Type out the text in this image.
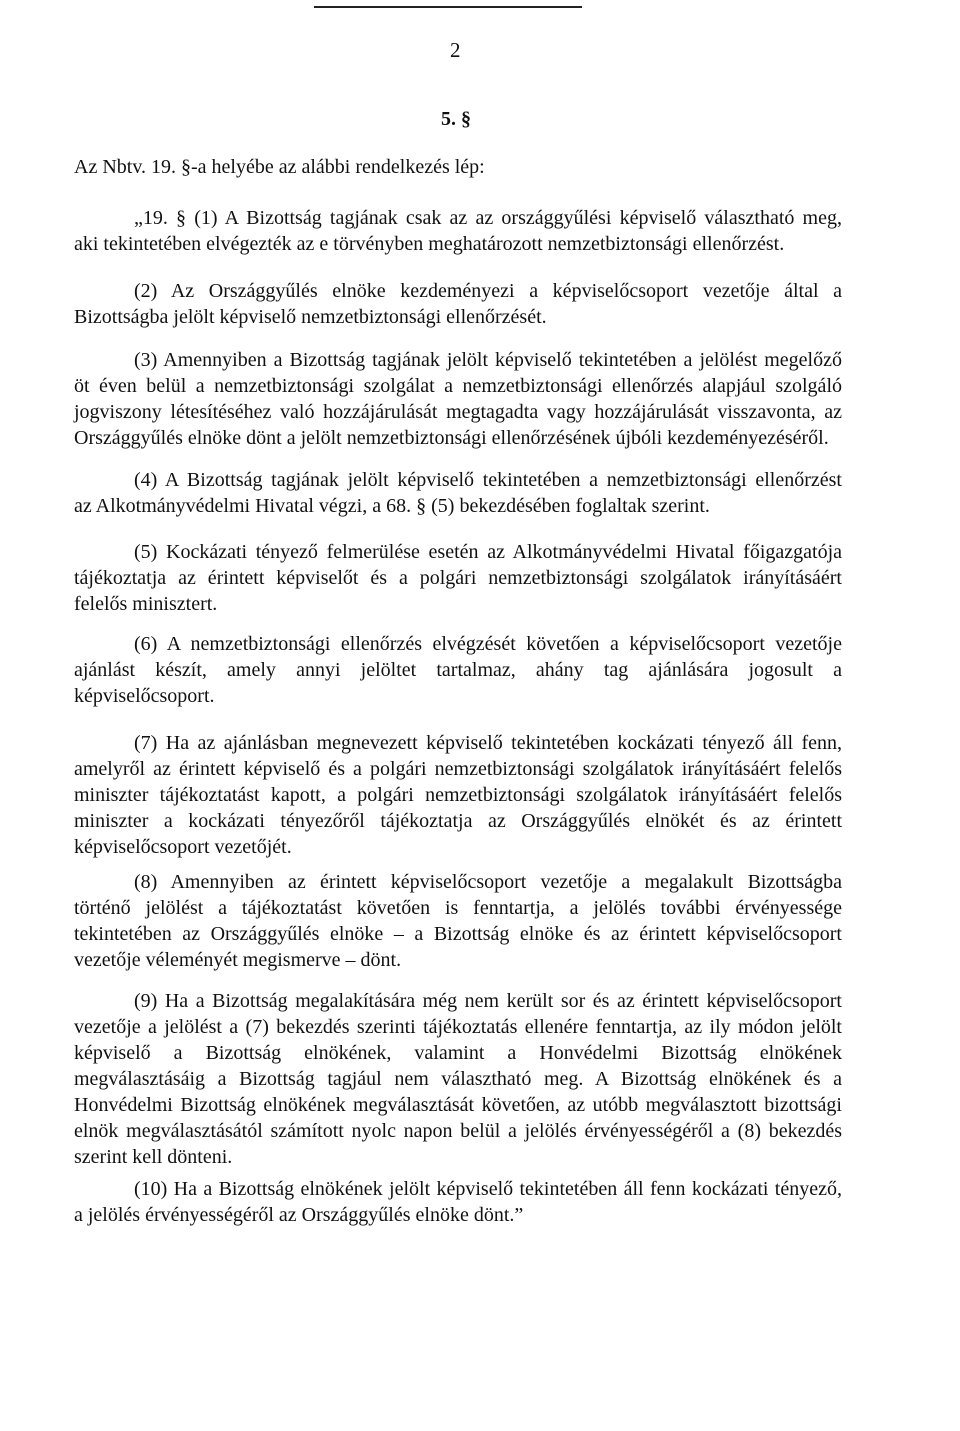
2
5. §
Az Nbtv. 19. §-a helyébe az alábbi rendelkezés lép:
„19. § (1) A Bizottság tagjának csak az az országgyűlési képviselő választható meg,
aki tekintetében elvégezték az e törvényben meghatározott nemzetbiztonsági ellenőrzést.
(2) Az Országgyűlés elnöke kezdeményezi a képviselőcsoport vezetője által a
Bizottságba jelölt képviselő nemzetbiztonsági ellenőrzését.
(3) Amennyiben a Bizottság tagjának jelölt képviselő tekintetében a jelölést megelőző
öt éven belül a nemzetbiztonsági szolgálat a nemzetbiztonsági ellenőrzés alapjául szolgáló
jogviszony létesítéséhez való hozzájárulását megtagadta vagy hozzájárulását visszavonta, az
Országgyűlés elnöke dönt a jelölt nemzetbiztonsági ellenőrzésének újbóli kezdeményezéséről.
(4) A Bizottság tagjának jelölt képviselő tekintetében a nemzetbiztonsági ellenőrzést
az Alkotmányvédelmi Hivatal végzi, a 68. § (5) bekezdésében foglaltak szerint.
(5) Kockázati tényező felmerülése esetén az Alkotmányvédelmi Hivatal főigazgatója
tájékoztatja az érintett képviselőt és a polgári nemzetbiztonsági szolgálatok irányításáért
felelős minisztert.
(6) A nemzetbiztonsági ellenőrzés elvégzését követően a képviselőcsoport vezetője
ajánlást készít, amely annyi jelöltet tartalmaz, ahány tag ajánlására jogosult a
képviselőcsoport.
(7) Ha az ajánlásban megnevezett képviselő tekintetében kockázati tényező áll fenn,
amelyről az érintett képviselő és a polgári nemzetbiztonsági szolgálatok irányításáért felelős
miniszter tájékoztatást kapott, a polgári nemzetbiztonsági szolgálatok irányításáért felelős
miniszter a kockázati tényezőről tájékoztatja az Országgyűlés elnökét és az érintett
képviselőcsoport vezetőjét.
(8) Amennyiben az érintett képviselőcsoport vezetője a megalakult Bizottságba
történő jelölést a tájékoztatást követően is fenntartja, a jelölés további érvényessége
tekintetében az Országgyűlés elnöke – a Bizottság elnöke és az érintett képviselőcsoport
vezetője véleményét megismerve – dönt.
(9) Ha a Bizottság megalakítására még nem került sor és az érintett képviselőcsoport
vezetője a jelölést a (7) bekezdés szerinti tájékoztatás ellenére fenntartja, az ily módon jelölt
képviselő a Bizottság elnökének, valamint a Honvédelmi Bizottság elnökének
megválasztásáig a Bizottság tagjául nem választható meg. A Bizottság elnökének és a
Honvédelmi Bizottság elnökének megválasztását követően, az utóbb megválasztott bizottsági
elnök megválasztásától számított nyolc napon belül a jelölés érvényességéről a (8) bekezdés
szerint kell dönteni.
(10) Ha a Bizottság elnökének jelölt képviselő tekintetében áll fenn kockázati tényező,
a jelölés érvényességéről az Országgyűlés elnöke dönt.”
